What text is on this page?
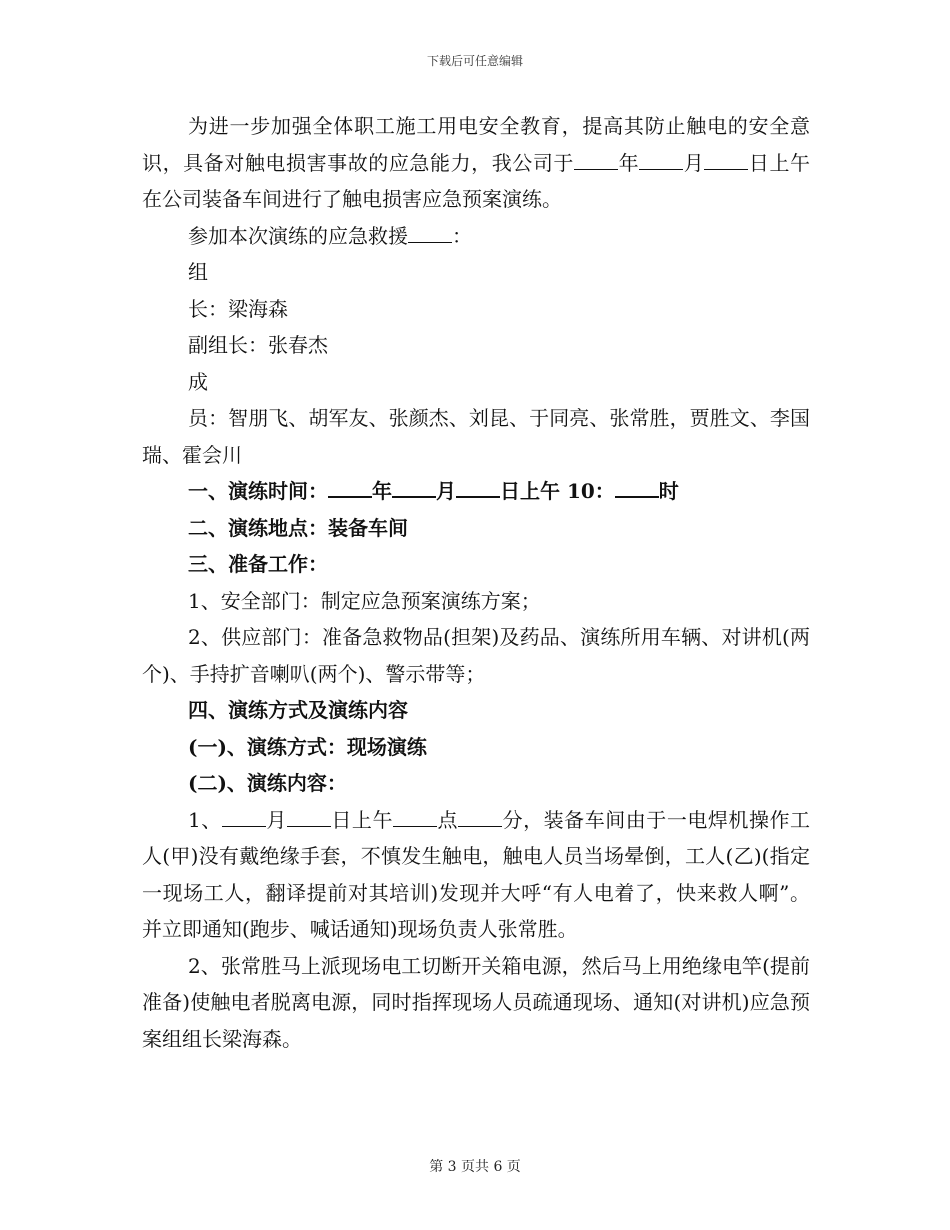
下载后可任意编辑

为进一步加强全体职工施工用电安全教育，提高其防止触电的安全意识，具备对触电损害事故的应急能力，我公司于 年 月 日上午在公司装备车间进行了触电损害应急预案演练。

参加本次演练的应急救援 ：

组

长：梁海森

副组长：张春杰

成

员：智朋飞、胡军友、张颜杰、刘昆、于同亮、张常胜，贾胜文、李国瑞、霍会川

一、演练时间： 年 月 日上午 10： 时

二、演练地点：装备车间

三、准备工作：

1、安全部门：制定应急预案演练方案；

2、供应部门：准备急救物品(担架)及药品、演练所用车辆、对讲机(两个)、手持扩音喇叭(两个)、警示带等；

四、演练方式及演练内容

(一)、演练方式：现场演练

(二)、演练内容：

1、 月 日上午 点 分，装备车间由于一电焊机操作工人(甲)没有戴绝缘手套，不慎发生触电，触电人员当场晕倒，工人(乙)(指定一现场工人，翻译提前对其培训)发现并大呼“有人电着了，快来救人啊”。并立即通知(跑步、喊话通知)现场负责人张常胜。

2、张常胜马上派现场电工切断开关箱电源，然后马上用绝缘电竿(提前准备)使触电者脱离电源，同时指挥现场人员疏通现场、通知(对讲机)应急预案组组长梁海森。

第 3 页共 6 页
